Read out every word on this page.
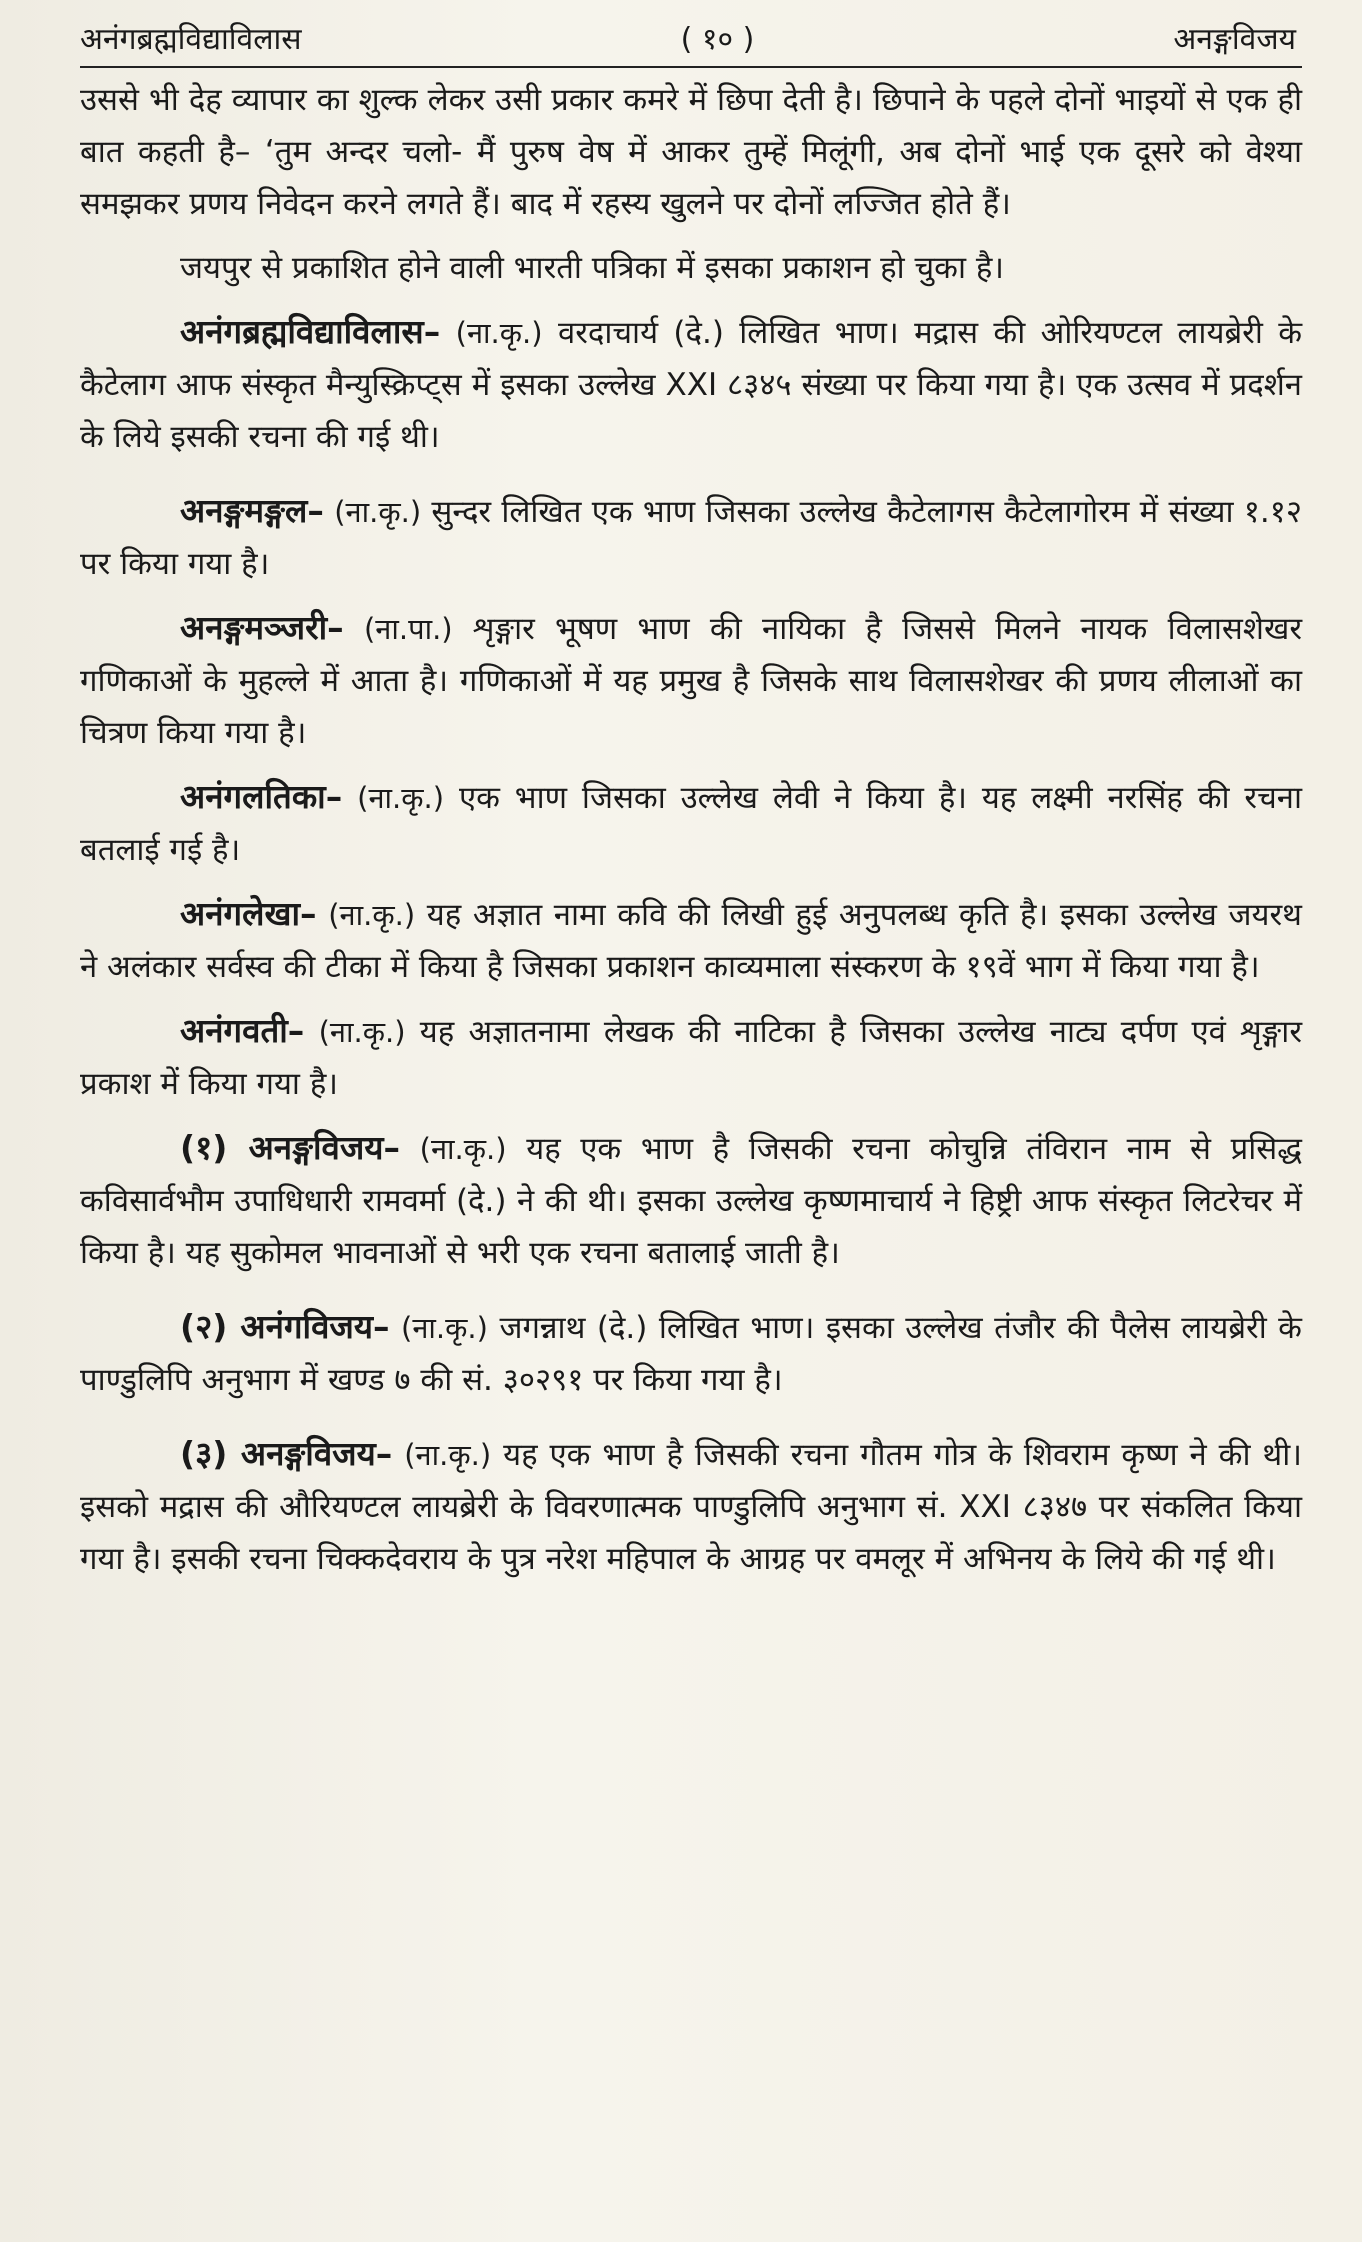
अनंगब्रह्मविद्याविलास	( १० )	अनङ्गविजय

उससे भी देह व्यापार का शुल्क लेकर उसी प्रकार कमरे में छिपा देती है। छिपाने के पहले दोनों भाइयों से एक ही बात कहती है– ‘तुम अन्दर चलो- मैं पुरुष वेष में आकर तुम्हें मिलूंगी, अब दोनों भाई एक दूसरे को वेश्या समझकर प्रणय निवेदन करने लगते हैं। बाद में रहस्य खुलने पर दोनों लज्जित होते हैं।

जयपुर से प्रकाशित होने वाली भारती पत्रिका में इसका प्रकाशन हो चुका है।

अनंगब्रह्मविद्याविलास– (ना.कृ.) वरदाचार्य (दे.) लिखित भाण। मद्रास की ओरियण्टल लायब्रेरी के कैटेलाग आफ संस्कृत मैन्युस्क्रिप्ट्स में इसका उल्लेख XXI ८३४५ संख्या पर किया गया है। एक उत्सव में प्रदर्शन के लिये इसकी रचना की गई थी।

अनङ्गमङ्गल– (ना.कृ.) सुन्दर लिखित एक भाण जिसका उल्लेख कैटेलागस कैटेलागोरम में संख्या १.१२ पर किया गया है।

अनङ्गमञ्जरी– (ना.पा.) शृङ्गार भूषण भाण की नायिका है जिससे मिलने नायक विलासशेखर गणिकाओं के मुहल्ले में आता है। गणिकाओं में यह प्रमुख है जिसके साथ विलासशेखर की प्रणय लीलाओं का चित्रण किया गया है।

अनंगलतिका– (ना.कृ.) एक भाण जिसका उल्लेख लेवी ने किया है। यह लक्ष्मी नरसिंह की रचना बतलाई गई है।

अनंगलेखा– (ना.कृ.) यह अज्ञात नामा कवि की लिखी हुई अनुपलब्ध कृति है। इसका उल्लेख जयरथ ने अलंकार सर्वस्व की टीका में किया है जिसका प्रकाशन काव्यमाला संस्करण के १९वें भाग में किया गया है।

अनंगवती– (ना.कृ.) यह अज्ञातनामा लेखक की नाटिका है जिसका उल्लेख नाट्य दर्पण एवं शृङ्गार प्रकाश में किया गया है।

(१) अनङ्गविजय– (ना.कृ.) यह एक भाण है जिसकी रचना कोचुन्नि तंविरान नाम से प्रसिद्ध कविसार्वभौम उपाधिधारी रामवर्मा (दे.) ने की थी। इसका उल्लेख कृष्णमाचार्य ने हिष्ट्री आफ संस्कृत लिटरेचर में किया है। यह सुकोमल भावनाओं से भरी एक रचना बतालाई जाती है।

(२) अनंगविजय– (ना.कृ.) जगन्नाथ (दे.) लिखित भाण। इसका उल्लेख तंजौर की पैलेस लायब्रेरी के पाण्डुलिपि अनुभाग में खण्ड ७ की सं. ३०२९१ पर किया गया है।

(३) अनङ्गविजय– (ना.कृ.) यह एक भाण है जिसकी रचना गौतम गोत्र के शिवराम कृष्ण ने की थी। इसको मद्रास की औरियण्टल लायब्रेरी के विवरणात्मक पाण्डुलिपि अनुभाग सं. XXI ८३४७ पर संकलित किया गया है। इसकी रचना चिक्कदेवराय के पुत्र नरेश महिपाल के आग्रह पर वमलूर में अभिनय के लिये की गई थी।
